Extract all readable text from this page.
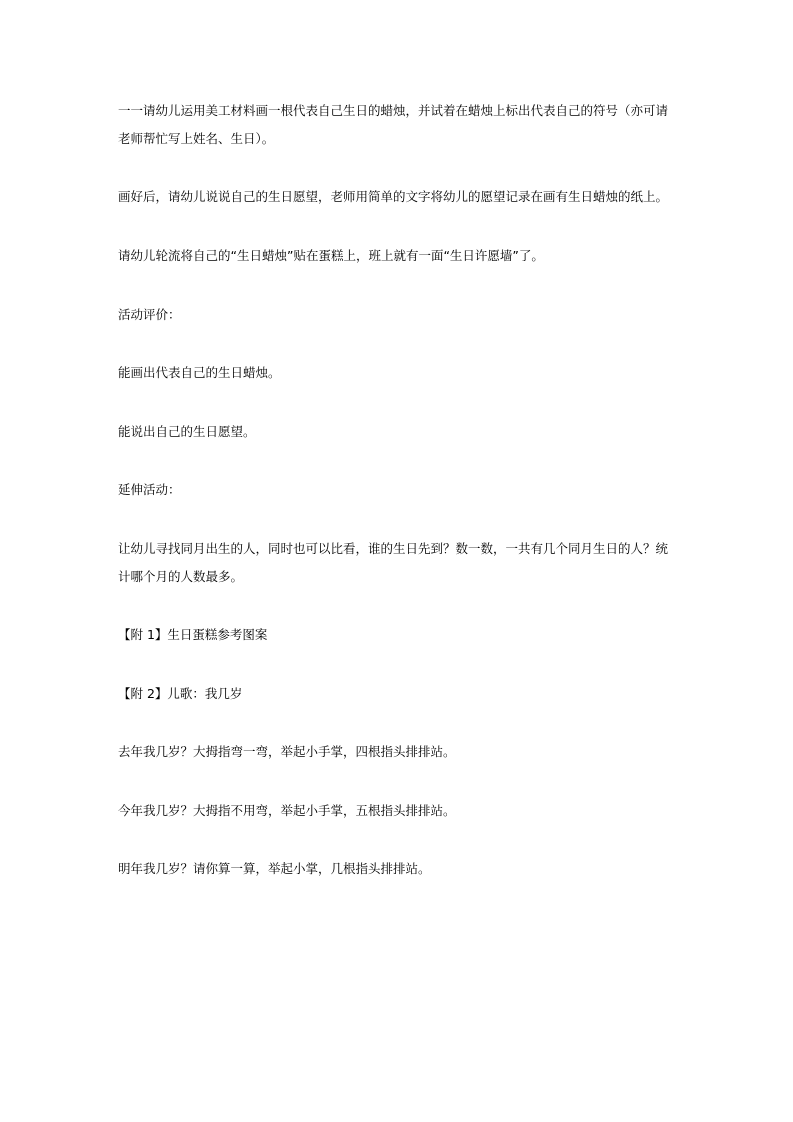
一一请幼儿运用美工材料画一根代表自己生日的蜡烛，并试着在蜡烛上标出代表自己的符号（亦可请老师帮忙写上姓名、生日）。

画好后，请幼儿说说自己的生日愿望，老师用简单的文字将幼儿的愿望记录在画有生日蜡烛的纸上。

请幼儿轮流将自己的“生日蜡烛”贴在蛋糕上，班上就有一面“生日许愿墙”了。

活动评价：

能画出代表自己的生日蜡烛。

能说出自己的生日愿望。

延伸活动：

让幼儿寻找同月出生的人，同时也可以比看，谁的生日先到？数一数，一共有几个同月生日的人？统计哪个月的人数最多。

【附 1】生日蛋糕参考图案

【附 2】儿歌：我几岁

去年我几岁？大拇指弯一弯，举起小手掌，四根指头排排站。

今年我几岁？大拇指不用弯，举起小手掌，五根指头排排站。

明年我几岁？请你算一算，举起小掌，几根指头排排站。
